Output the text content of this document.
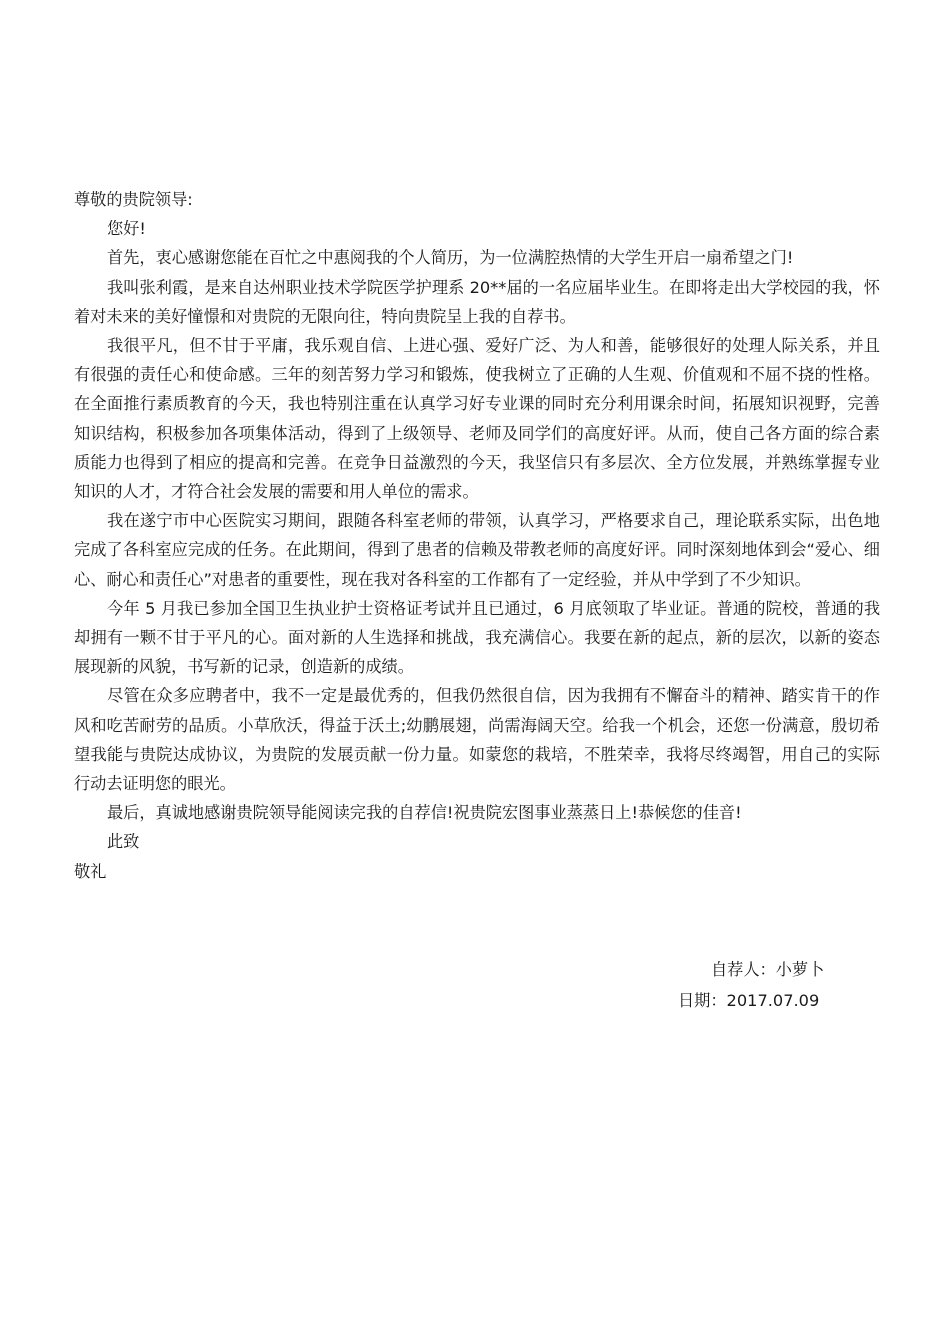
尊敬的贵院领导:

您好!

首先，衷心感谢您能在百忙之中惠阅我的个人简历，为一位满腔热情的大学生开启一扇希望之门!

我叫张利霞，是来自达州职业技术学院医学护理系 20**届的一名应届毕业生。在即将走出大学校园的我，怀着对未来的美好憧憬和对贵院的无限向往，特向贵院呈上我的自荐书。

我很平凡，但不甘于平庸，我乐观自信、上进心强、爱好广泛、为人和善，能够很好的处理人际关系，并且有很强的责任心和使命感。三年的刻苦努力学习和锻炼，使我树立了正确的人生观、价值观和不屈不挠的性格。在全面推行素质教育的今天，我也特别注重在认真学习好专业课的同时充分利用课余时间，拓展知识视野，完善知识结构，积极参加各项集体活动，得到了上级领导、老师及同学们的高度好评。从而，使自己各方面的综合素质能力也得到了相应的提高和完善。在竞争日益激烈的今天，我坚信只有多层次、全方位发展，并熟练掌握专业知识的人才，才符合社会发展的需要和用人单位的需求。

我在遂宁市中心医院实习期间，跟随各科室老师的带领，认真学习，严格要求自己，理论联系实际，出色地完成了各科室应完成的任务。在此期间，得到了患者的信赖及带教老师的高度好评。同时深刻地体到会“爱心、细心、耐心和责任心”对患者的重要性，现在我对各科室的工作都有了一定经验，并从中学到了不少知识。

今年 5 月我已参加全国卫生执业护士资格证考试并且已通过，6 月底领取了毕业证。普通的院校，普通的我却拥有一颗不甘于平凡的心。面对新的人生选择和挑战，我充满信心。我要在新的起点，新的层次，以新的姿态展现新的风貌，书写新的记录，创造新的成绩。

尽管在众多应聘者中，我不一定是最优秀的，但我仍然很自信，因为我拥有不懈奋斗的精神、踏实肯干的作风和吃苦耐劳的品质。小草欣沃，得益于沃土;幼鹏展翅，尚需海阔天空。给我一个机会，还您一份满意，殷切希望我能与贵院达成协议，为贵院的发展贡献一份力量。如蒙您的栽培，不胜荣幸，我将尽终竭智，用自己的实际行动去证明您的眼光。

最后，真诚地感谢贵院领导能阅读完我的自荐信!祝贵院宏图事业蒸蒸日上!恭候您的佳音!

此致

敬礼

自荐人：小萝卜
日期：2017.07.09
